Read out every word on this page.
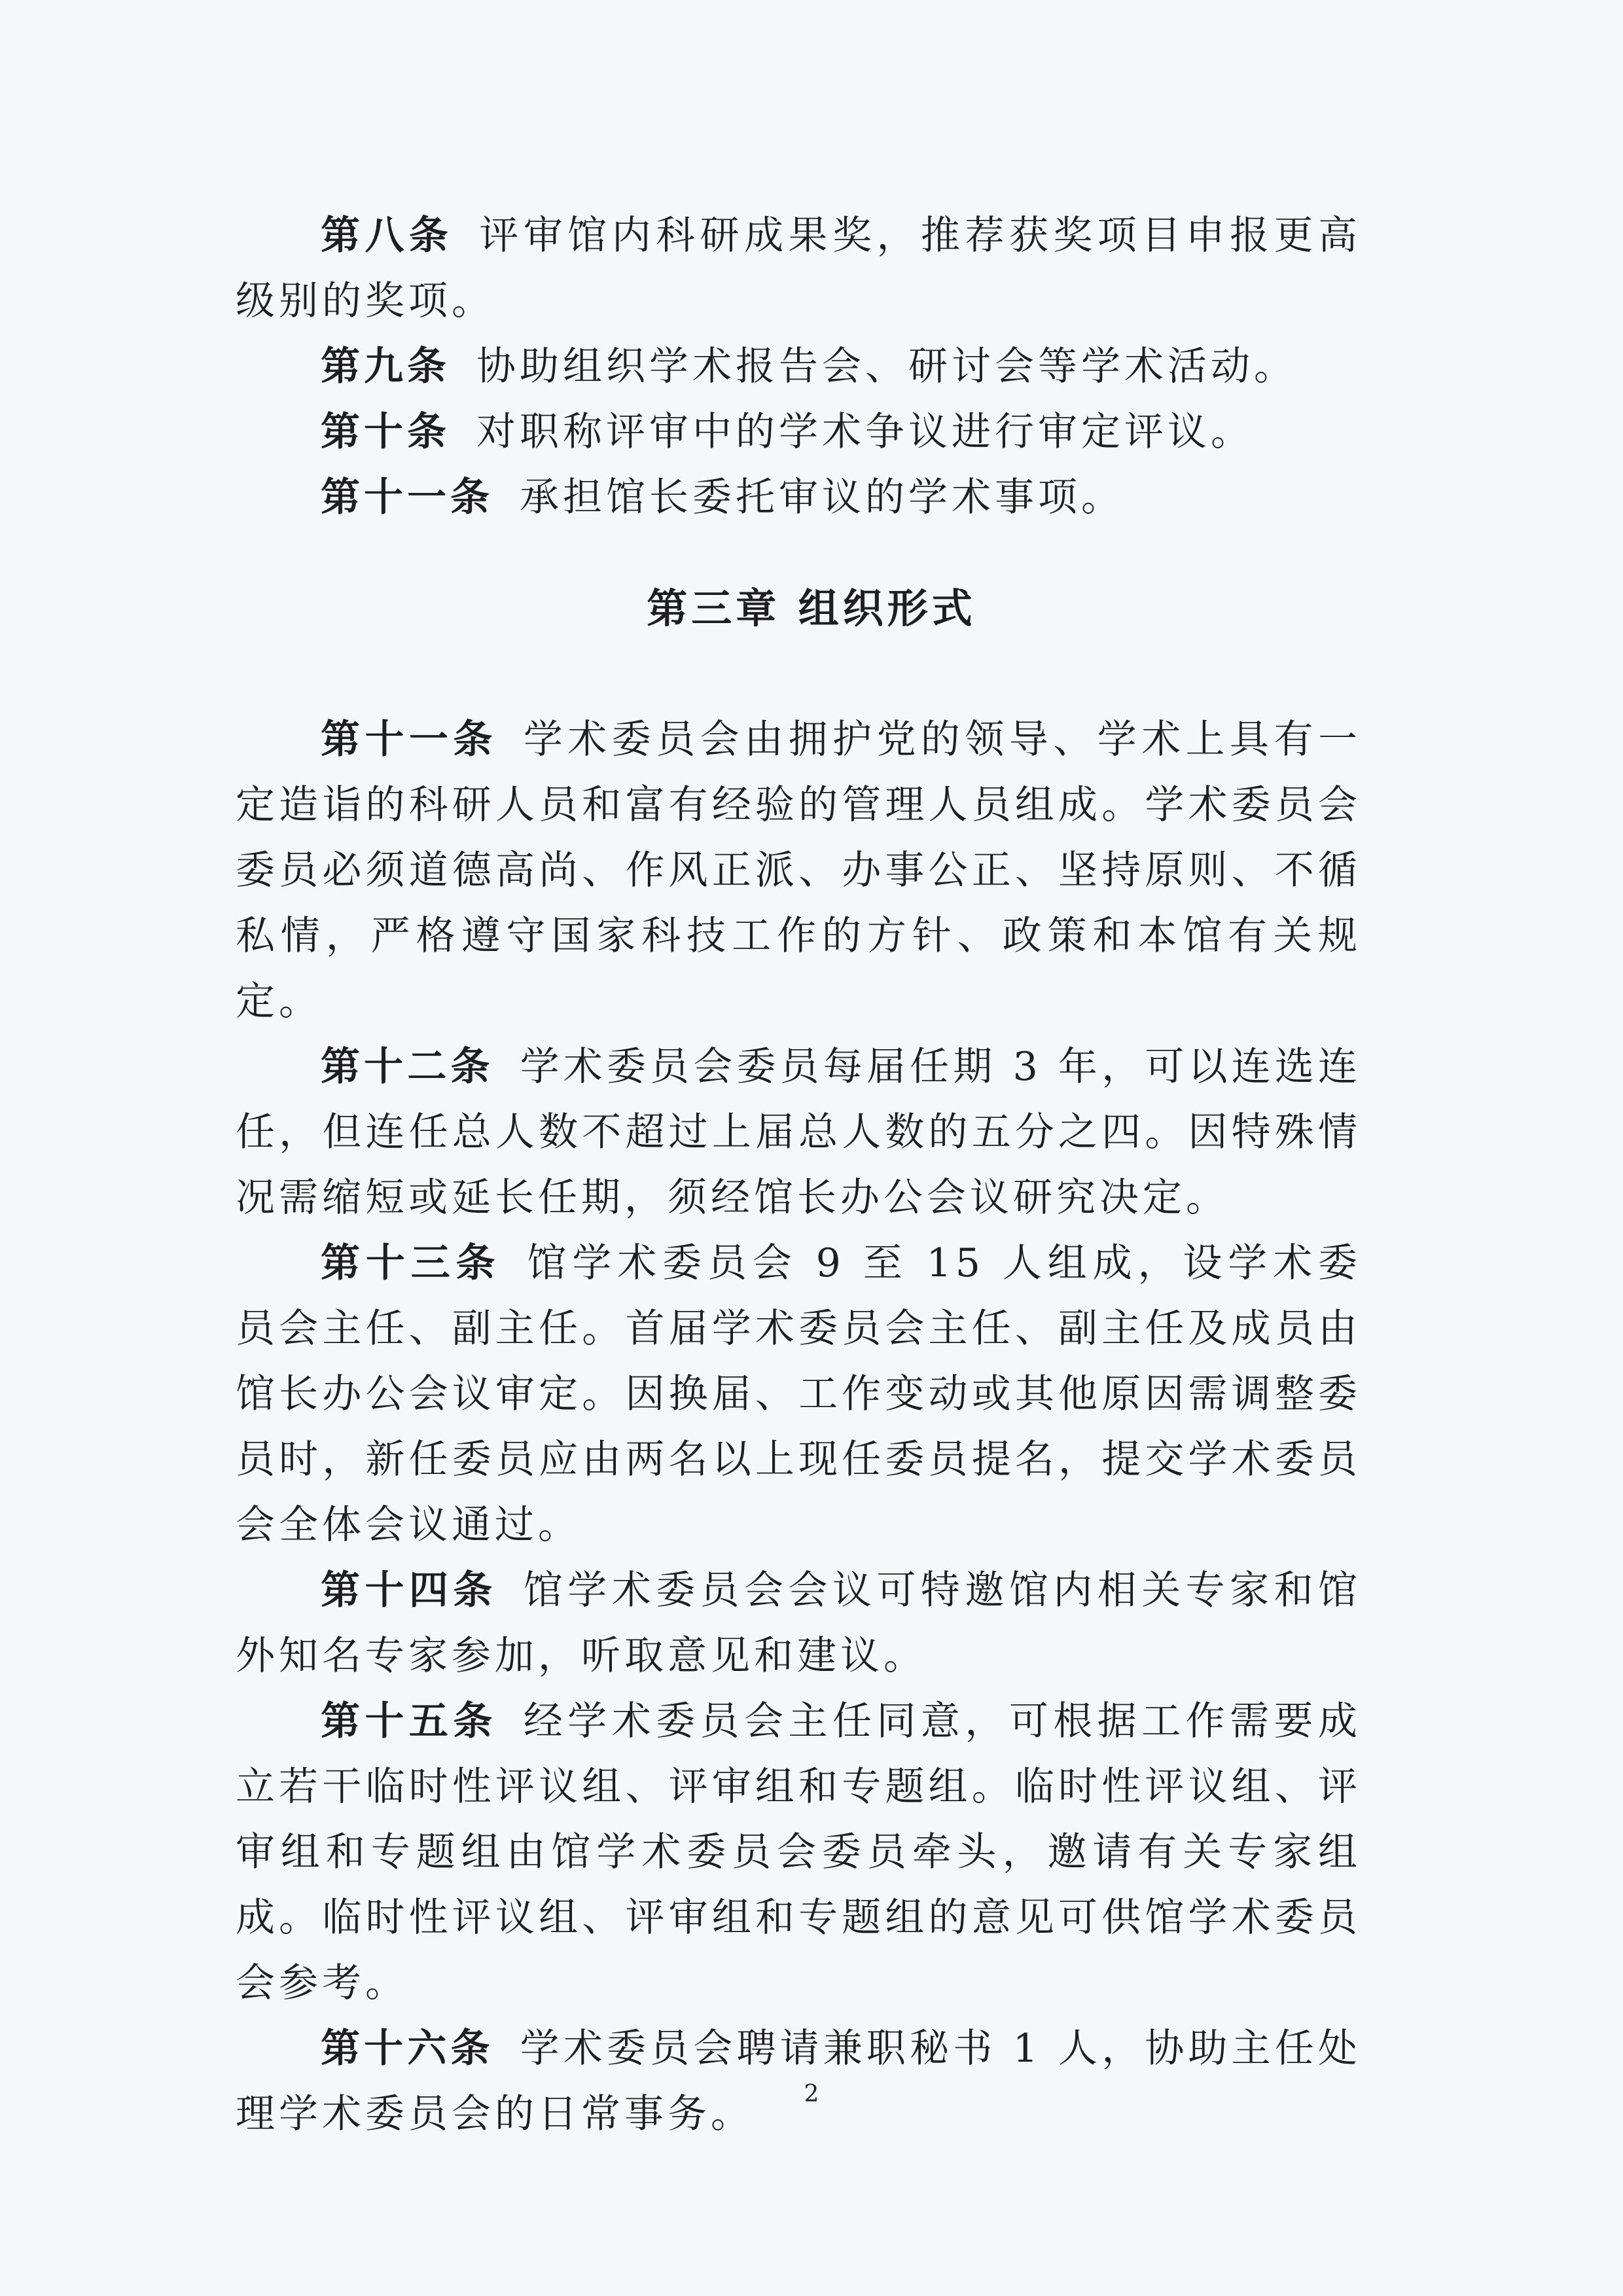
第八条 评审馆内科研成果奖，推荐获奖项目申报更高级别的奖项。

第九条 协助组织学术报告会、研讨会等学术活动。

第十条 对职称评审中的学术争议进行审定评议。

第十一条 承担馆长委托审议的学术事项。

第三章 组织形式

第十一条 学术委员会由拥护党的领导、学术上具有一定造诣的科研人员和富有经验的管理人员组成。学术委员会委员必须道德高尚、作风正派、办事公正、坚持原则、不循私情，严格遵守国家科技工作的方针、政策和本馆有关规定。

第十二条 学术委员会委员每届任期 3 年，可以连选连任，但连任总人数不超过上届总人数的五分之四。因特殊情况需缩短或延长任期，须经馆长办公会议研究决定。

第十三条 馆学术委员会 9 至 15 人组成，设学术委员会主任、副主任。首届学术委员会主任、副主任及成员由馆长办公会议审定。因换届、工作变动或其他原因需调整委员时，新任委员应由两名以上现任委员提名，提交学术委员会全体会议通过。

第十四条 馆学术委员会会议可特邀馆内相关专家和馆外知名专家参加，听取意见和建议。

第十五条 经学术委员会主任同意，可根据工作需要成立若干临时性评议组、评审组和专题组。临时性评议组、评审组和专题组由馆学术委员会委员牵头，邀请有关专家组成。临时性评议组、评审组和专题组的意见可供馆学术委员会参考。

第十六条 学术委员会聘请兼职秘书 1 人，协助主任处理学术委员会的日常事务。	2
